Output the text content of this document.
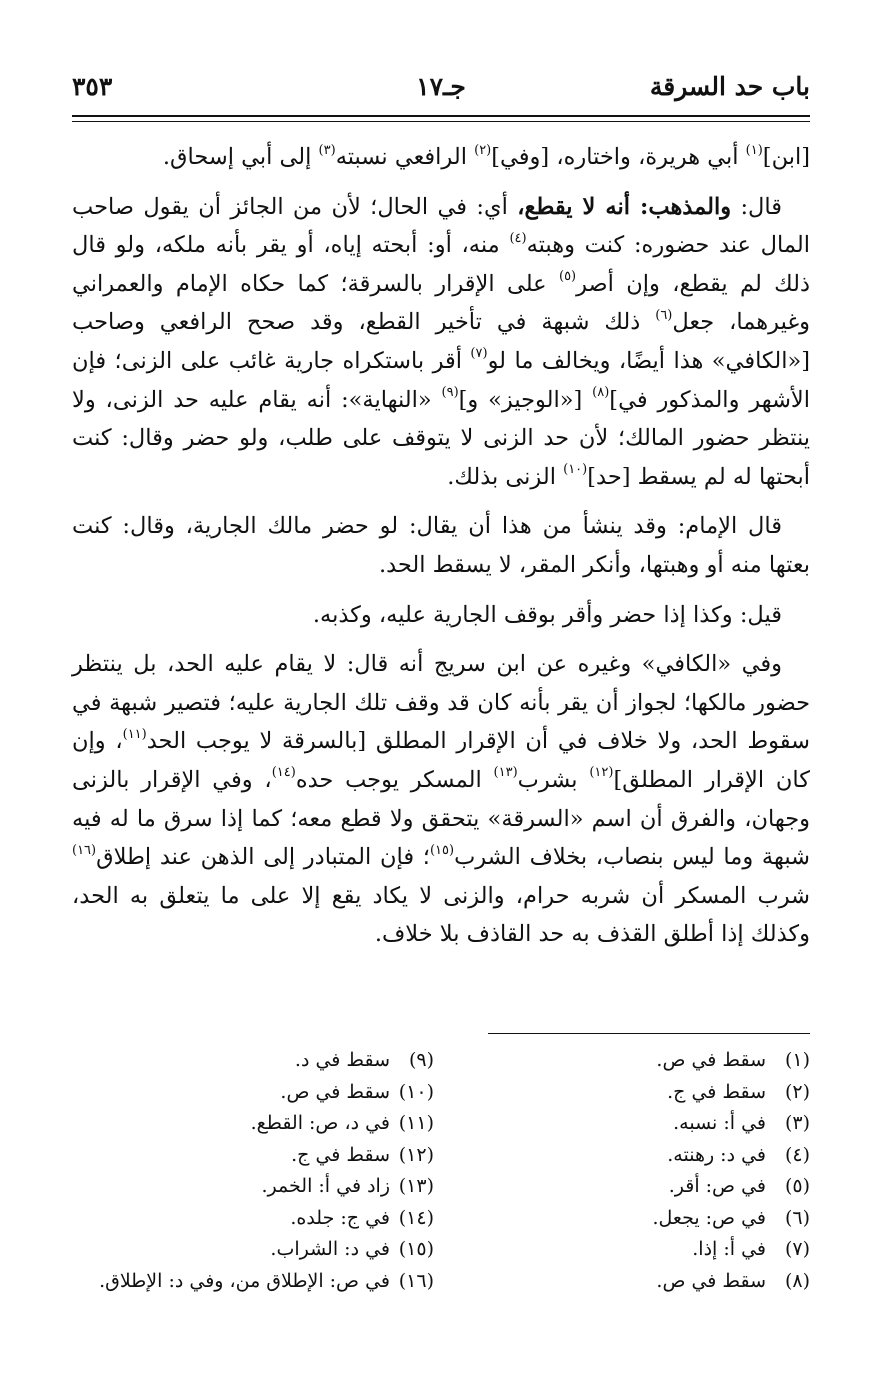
باب حد السرقة
جـ١٧
٣٥٣

[ابن]$^{(١)}$ أبي هريرة، واختاره، [وفي]$^{(٢)}$ الرافعي نسبته$^{(٣)}$ إلى أبي إسحاق.

قال: والمذهب: أنه لا يقطع، أي: في الحال؛ لأن من الجائز أن يقول صاحب المال عند حضوره: كنت وهبته$^{(٤)}$ منه، أو: أبحته إياه، أو يقر بأنه ملكه، ولو قال ذلك لم يقطع، وإن أصر$^{(٥)}$ على الإقرار بالسرقة؛ كما حكاه الإمام والعمراني وغيرهما، جعل$^{(٦)}$ ذلك شبهة في تأخير القطع، وقد صحح الرافعي وصاحب [«الكافي» هذا أيضًا، ويخالف ما لو$^{(٧)}$ أقر باستكراه جارية غائب على الزنى؛ فإن الأشهر والمذكور في]$^{(٨)}$ [«الوجيز» و]$^{(٩)}$ «النهاية»: أنه يقام عليه حد الزنى، ولا ينتظر حضور المالك؛ لأن حد الزنى لا يتوقف على طلب، ولو حضر وقال: كنت أبحتها له لم يسقط [حد]$^{(١٠)}$ الزنى بذلك.

قال الإمام: وقد ينشأ من هذا أن يقال: لو حضر مالك الجارية، وقال: كنت بعتها منه أو وهبتها، وأنكر المقر، لا يسقط الحد.

قيل: وكذا إذا حضر وأقر بوقف الجارية عليه، وكذبه.

وفي «الكافي» وغيره عن ابن سريج أنه قال: لا يقام عليه الحد، بل ينتظر حضور مالكها؛ لجواز أن يقر بأنه كان قد وقف تلك الجارية عليه؛ فتصير شبهة في سقوط الحد، ولا خلاف في أن الإقرار المطلق [بالسرقة لا يوجب الحد$^{(١١)}$، وإن كان الإقرار المطلق]$^{(١٢)}$ بشرب$^{(١٣)}$ المسكر يوجب حده$^{(١٤)}$، وفي الإقرار بالزنى وجهان، والفرق أن اسم «السرقة» يتحقق ولا قطع معه؛ كما إذا سرق ما له فيه شبهة وما ليس بنصاب، بخلاف الشرب$^{(١٥)}$؛ فإن المتبادر إلى الذهن عند إطلاق$^{(١٦)}$ شرب المسكر أن شربه حرام، والزنى لا يكاد يقع إلا على ما يتعلق به الحد، وكذلك إذا أطلق القذف به حد القاذف بلا خلاف.

(١)
سقط في ص.
(٢)
سقط في ج.
(٣)
في أ: نسبه.
(٤)
في د: رهنته.
(٥)
في ص: أقر.
(٦)
في ص: يجعل.
(٧)
في أ: إذا.
(٨)
سقط في ص.
(٩)
سقط في د.
(١٠)
سقط في ص.
(١١)
في د، ص: القطع.
(١٢)
سقط في ج.
(١٣)
زاد في أ: الخمر.
(١٤)
في ج: جلده.
(١٥)
في د: الشراب.
(١٦)
في ص: الإطلاق من، وفي د: الإطلاق.
